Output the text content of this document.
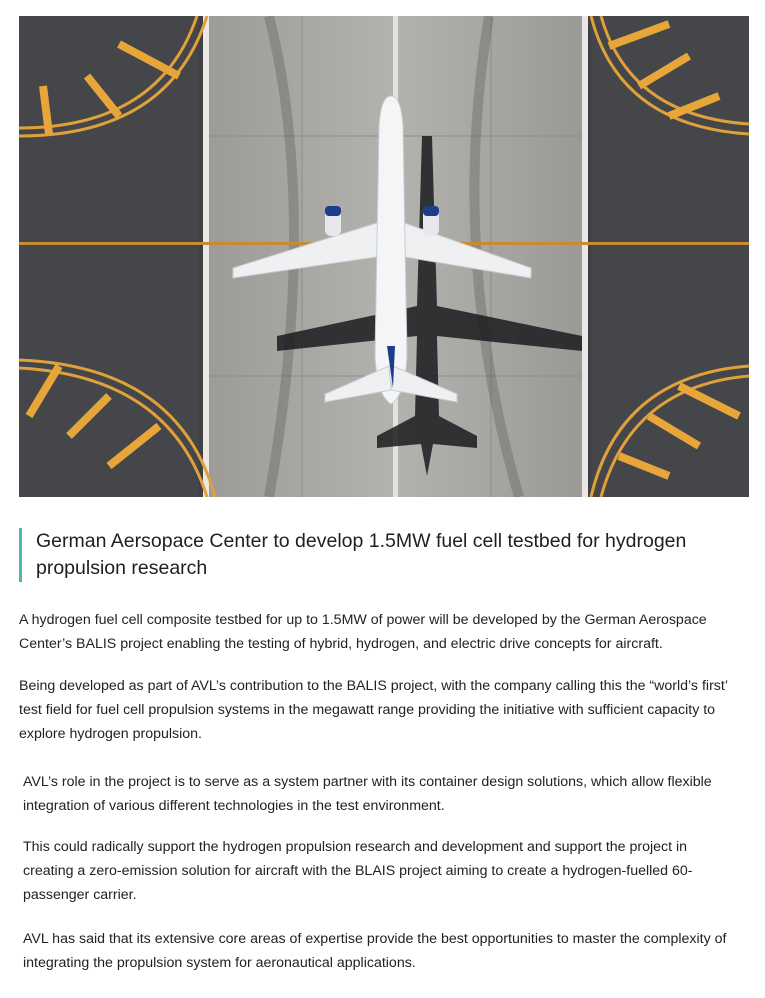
German Aersopace Center to develop 1.5MW fuel cell testbed for hydrogen
propulsion research

A hydrogen fuel cell composite testbed for up to 1.5MW of power will be developed by the German Aerospace
Center’s BALIS project enabling the testing of hybrid, hydrogen, and electric drive concepts for aircraft.

Being developed as part of AVL’s contribution to the BALIS project, with the company calling this the “world’s first’
test field for fuel cell propulsion systems in the megawatt range providing the initiative with sufficient capacity to
explore hydrogen propulsion.

AVL’s role in the project is to serve as a system partner with its container design solutions, which allow flexible
integration of various different technologies in the test environment.

This could radically support the hydrogen propulsion research and development and support the project in
creating a zero-emission solution for aircraft with the BLAIS project aiming to create a hydrogen-fuelled 60-
passenger carrier.

AVL has said that its extensive core areas of expertise provide the best opportunities to master the complexity of
integrating the propulsion system for aeronautical applications.
